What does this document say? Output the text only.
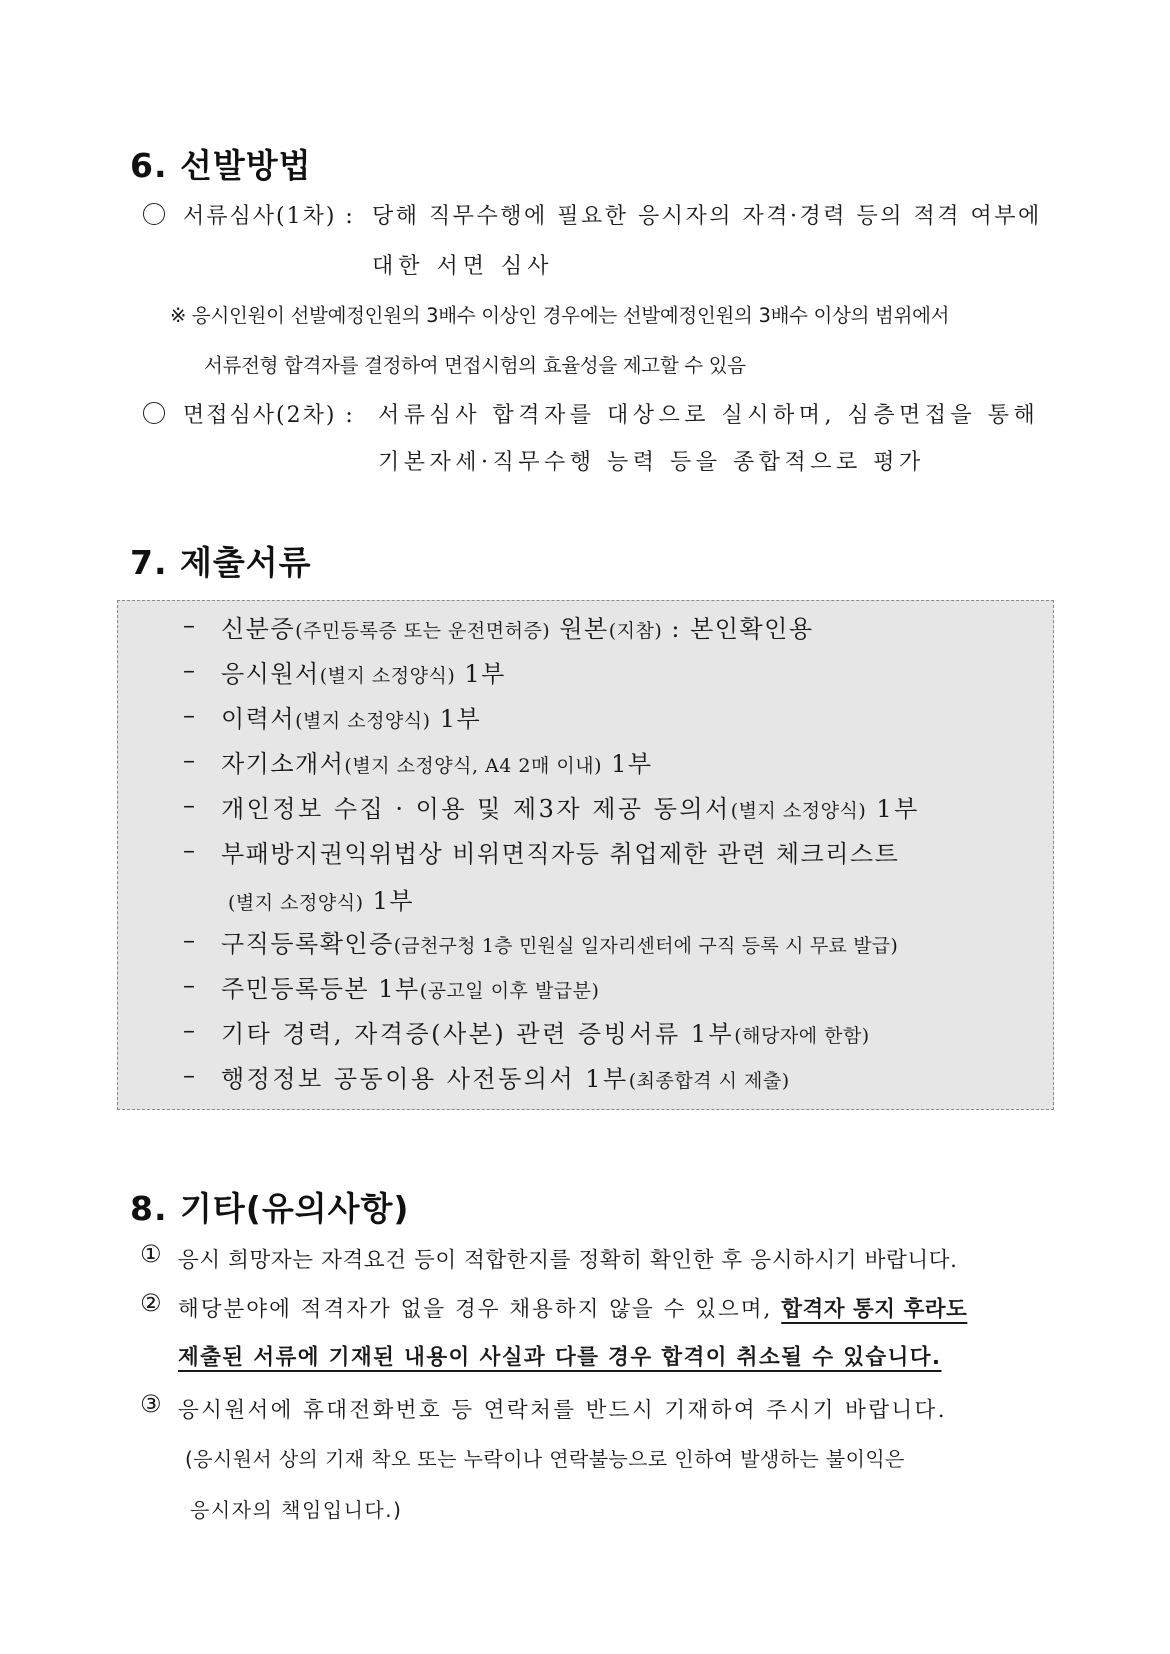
6. 선발방법
서류심사(1차) : 당해 직무수행에 필요한 응시자의 자격·경력 등의 적격 여부에
대한 서면 심사
※ 응시인원이 선발예정인원의 3배수 이상인 경우에는 선발예정인원의 3배수 이상의 범위에서
서류전형 합격자를 결정하여 면접시험의 효율성을 제고할 수 있음
면접심사(2차) : 서류심사 합격자를 대상으로 실시하며, 심층면접을 통해
기본자세·직무수행 능력 등을 종합적으로 평가
7. 제출서류
– 신분증(주민등록증 또는 운전면허증) 원본(지참) : 본인확인용
– 응시원서(별지 소정양식) 1부
– 이력서(별지 소정양식) 1부
– 자기소개서(별지 소정양식, A4 2매 이내) 1부
– 개인정보 수집 · 이용 및 제3자 제공 동의서(별지 소정양식) 1부
– 부패방지권익위법상 비위면직자등 취업제한 관련 체크리스트
(별지 소정양식) 1부
– 구직등록확인증(금천구청 1층 민원실 일자리센터에 구직 등록 시 무료 발급)
– 주민등록등본 1부(공고일 이후 발급분)
– 기타 경력, 자격증(사본) 관련 증빙서류 1부(해당자에 한함)
– 행정정보 공동이용 사전동의서 1부(최종합격 시 제출)
8. 기타(유의사항)
① 응시 희망자는 자격요건 등이 적합한지를 정확히 확인한 후 응시하시기 바랍니다.
② 해당분야에 적격자가 없을 경우 채용하지 않을 수 있으며, 합격자 통지 후라도
제출된 서류에 기재된 내용이 사실과 다를 경우 합격이 취소될 수 있습니다.
③ 응시원서에 휴대전화번호 등 연락처를 반드시 기재하여 주시기 바랍니다.
(응시원서 상의 기재 착오 또는 누락이나 연락불능으로 인하여 발생하는 불이익은
응시자의 책임입니다.)
